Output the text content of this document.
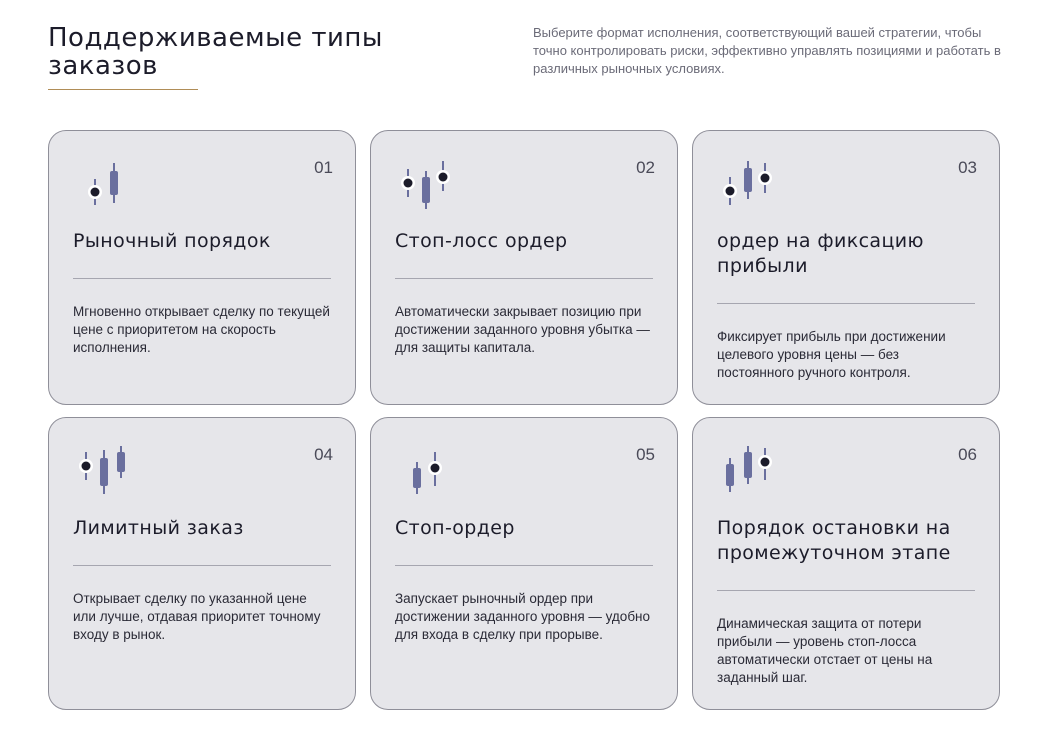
Поддерживаемые типы заказов

Выберите формат исполнения, соответствующий вашей стратегии, чтобы точно контролировать риски, эффективно управлять позициями и работать в различных рыночных условиях.

01
Рыночный порядок

Мгновенно открывает сделку по текущей цене с приоритетом на скорость исполнения.

02
Стоп-лосс ордер

Автоматически закрывает позицию при достижении заданного уровня убытка — для защиты капитала.

03
ордер на фиксацию прибыли

Фиксирует прибыль при достижении целевого уровня цены — без постоянного ручного контроля.

04
Лимитный заказ

Открывает сделку по указанной цене или лучше, отдавая приоритет точному входу в рынок.

05
Стоп-ордер

Запускает рыночный ордер при достижении заданного уровня — удобно для входа в сделку при прорыве.

06
Порядок остановки на промежуточном этапе

Динамическая защита от потери прибыли — уровень стоп-лосса автоматически отстает от цены на заданный шаг.
